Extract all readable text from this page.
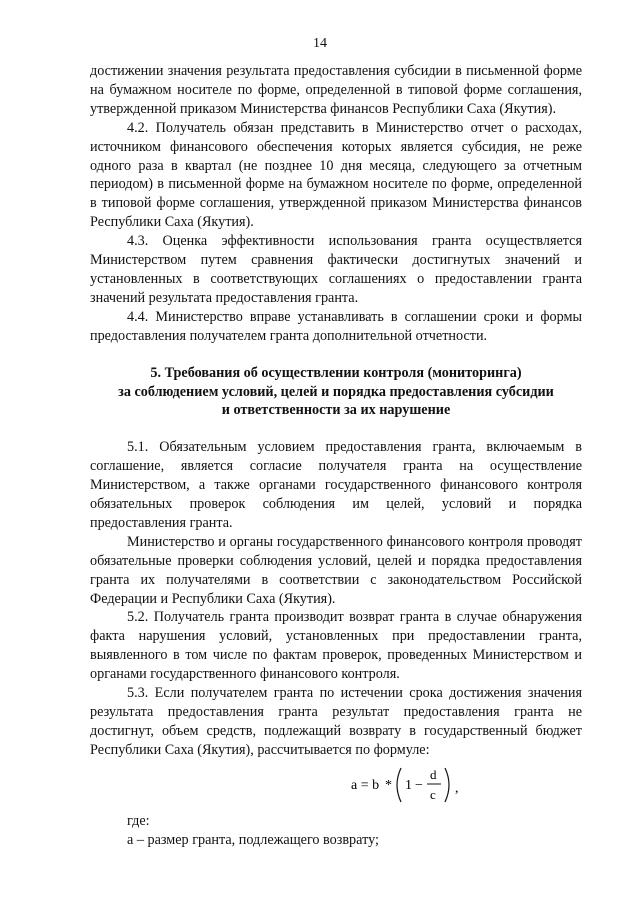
14

достижении значения результата предоставления субсидии в письменной форме на бумажном носителе по форме, определенной в типовой форме соглашения, утвержденной приказом Министерства финансов Республики Саха (Якутия).

4.2. Получатель обязан представить в Министерство отчет о расходах, источником финансового обеспечения которых является субсидия, не реже одного раза в квартал (не позднее 10 дня месяца, следующего за отчетным периодом) в письменной форме на бумажном носителе по форме, определенной в типовой форме соглашения, утвержденной приказом Министерства финансов Республики Саха (Якутия).

4.3. Оценка эффективности использования гранта осуществляется Министерством путем сравнения фактически достигнутых значений и установленных в соответствующих соглашениях о предоставлении гранта значений результата предоставления гранта.

4.4. Министерство вправе устанавливать в соглашении сроки и формы предоставления получателем гранта дополнительной отчетности.

5. Требования об осуществлении контроля (мониторинга)
за соблюдением условий, целей и порядка предоставления субсидии
и ответственности за их нарушение

5.1. Обязательным условием предоставления гранта, включаемым в соглашение, является согласие получателя гранта на осуществление Министерством, а также органами государственного финансового контроля обязательных проверок соблюдения им целей, условий и порядка предоставления гранта.

Министерство и органы государственного финансового контроля проводят обязательные проверки соблюдения условий, целей и порядка предоставления гранта их получателями в соответствии с законодательством Российской Федерации и Республики Саха (Якутия).

5.2. Получатель гранта производит возврат гранта в случае обнаружения факта нарушения условий, установленных при предоставлении гранта, выявленного в том числе по фактам проверок, проведенных Министерством и органами государственного финансового контроля.

5.3. Если получателем гранта по истечении срока достижения значения результата предоставления гранта результат предоставления гранта не достигнут, объем средств, подлежащий возврату в государственный бюджет Республики Саха (Якутия), рассчитывается по формуле:

a = b * 1 −
d
c ,

где:

a – размер гранта, подлежащего возврату;
